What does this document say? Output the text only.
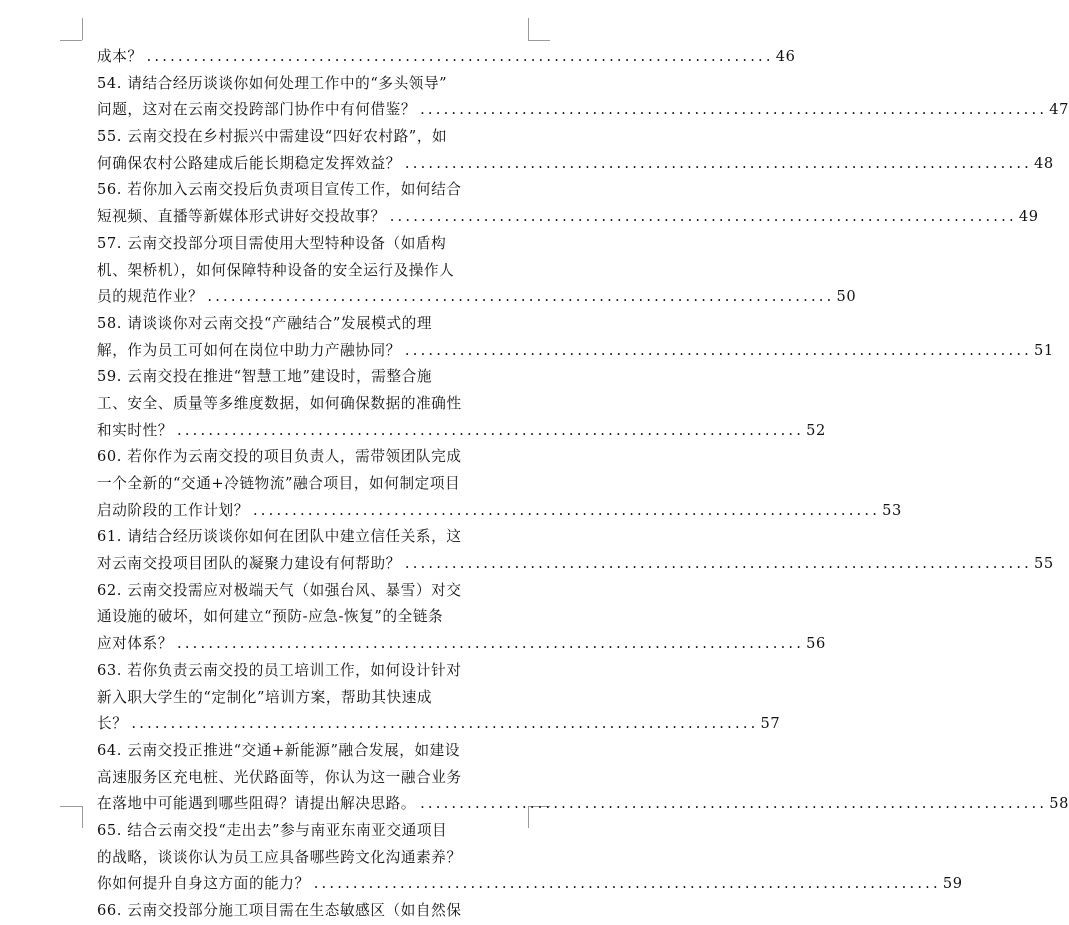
成本？ ................................................................................ 46
54. 请结合经历谈谈你如何处理工作中的“多头领导”
问题，这对在云南交投跨部门协作中有何借鉴？ ................................................................................ 47
55. 云南交投在乡村振兴中需建设“四好农村路”，如
何确保农村公路建成后能长期稳定发挥效益？ ................................................................................ 48
56. 若你加入云南交投后负责项目宣传工作，如何结合
短视频、直播等新媒体形式讲好交投故事？ ................................................................................ 49
57. 云南交投部分项目需使用大型特种设备（如盾构
机、架桥机），如何保障特种设备的安全运行及操作人
员的规范作业？ ................................................................................ 50
58. 请谈谈你对云南交投“产融结合”发展模式的理
解，作为员工可如何在岗位中助力产融协同？ ................................................................................ 51
59. 云南交投在推进“智慧工地”建设时，需整合施
工、安全、质量等多维度数据，如何确保数据的准确性
和实时性？ ................................................................................ 52
60. 若你作为云南交投的项目负责人，需带领团队完成
一个全新的“交通+冷链物流”融合项目，如何制定项目
启动阶段的工作计划？ ................................................................................ 53
61. 请结合经历谈谈你如何在团队中建立信任关系，这
对云南交投项目团队的凝聚力建设有何帮助？ ................................................................................ 55
62. 云南交投需应对极端天气（如强台风、暴雪）对交
通设施的破坏，如何建立“预防-应急-恢复”的全链条
应对体系？ ................................................................................ 56
63. 若你负责云南交投的员工培训工作，如何设计针对
新入职大学生的“定制化”培训方案，帮助其快速成
长？ ................................................................................ 57
64. 云南交投正推进“交通+新能源”融合发展，如建设
高速服务区充电桩、光伏路面等，你认为这一融合业务
在落地中可能遇到哪些阻碍？请提出解决思路。 ................................................................................ 58
65. 结合云南交投“走出去”参与南亚东南亚交通项目
的战略，谈谈你认为员工应具备哪些跨文化沟通素养？
你如何提升自身这方面的能力？ ................................................................................ 59
66. 云南交投部分施工项目需在生态敏感区（如自然保
